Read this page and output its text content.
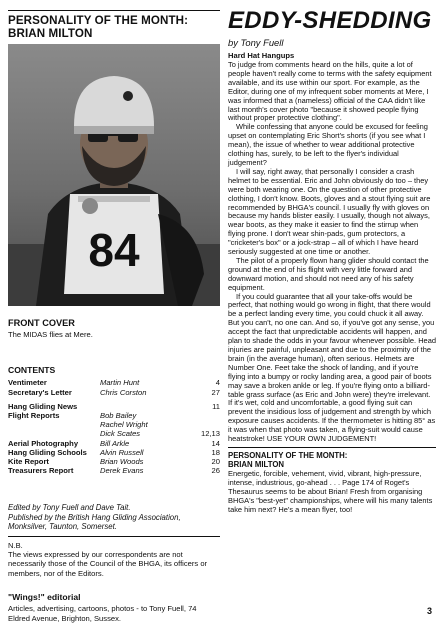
PERSONALITY OF THE MONTH:
BRIAN MILTON
84
FRONT COVER
The MIDAS flies at Mere.
CONTENTS
Ventimeter	Martin Hunt	4
Secretary's Letter	Chris Corston	27

Hang Gliding News		11
Flight Reports	Bob Bailey	
	Rachel Wright	
	Dick Scates	12,13
Aerial Photography	Bill Arkle	14
Hang Gliding Schools	Alvin Russell	18
Kite Report	Brian Woods	20
Treasurers Report	Derek Evans	26
Edited by Tony Fuell and Dave Tait.
Published by the British Hang Gliding Association,
Monksilver, Taunton, Somerset.
N.B.
The views expressed by our correspondents are not necessarily those of the Council of the BHGA, its officers or members, nor of the Editors.
"Wings!" editorial
Articles, advertising, cartoons, photos - to Tony Fuell, 74 Eldred Avenue, Brighton, Sussex.
EDDY-SHEDDING
by Tony Fuell
Hard Hat Hangups

To judge from comments heard on the hills, quite a lot of people haven't really come to terms with the safety equipment available, and its use within our sport. For example, as the Editor, during one of my infrequent sober moments at Mere, I was informed that a (nameless) official of the CAA didn't like last month's cover photo "because it showed people flying without proper protective clothing".

While confessing that anyone could be excused for feeling upset on contemplating Eric Short's shorts (if you see what I mean), the issue of whether to wear additional protective clothing has, surely, to be left to the flyer's individual judgement?

I will say, right away, that personally I consider a crash helmet to be essential. Eric and John obviously do too – they were both wearing one. On the question of other protective clothing, I don't know. Boots, gloves and a stout flying suit are recommended by BHGA's council. I usually fly with gloves on because my hands blister easily. I usually, though not always, wear boots, as they make it easier to find the stirrup when flying prone. I don't wear shin-pads, gum protectors, a "cricketer's box" or a jock-strap – all of which I have heard seriously suggested at one time or another.

The pilot of a properly flown hang glider should contact the ground at the end of his flight with very little forward and downward motion, and should not need any of his safety equipment.

If you could guarantee that all your take-offs would be perfect, that nothing would go wrong in flight, that there would be a perfect landing every time, you could chuck it all away. But you can't, no one can. And so, if you've got any sense, you accept the fact that unpredictable accidents will happen, and plan to shade the odds in your favour whenever possible. Head injuries are painful, unpleasant and due to the proximity of the brain (in the average human), often serious. Helmets are Number One. Feet take the shock of landing, and if you're flying into a bumpy or rocky landing area, a good pair of boots may save a broken ankle or leg. If you're flying onto a billiard-table grass surface (as Eric and John were) they're irrelevant. If it's wet, cold and uncomfortable, a good flying suit can prevent the insidious loss of judgement and strength by which exposure causes accidents. If the thermometer is hitting 85° as it was when that photo was taken, a flying-suit would cause heatstroke! USE YOUR OWN JUDGEMENT!

PERSONALITY OF THE MONTH:
BRIAN MILTON
Energetic, forcible, vehement, vivid, vibrant, high-pressure, intense, industrious, go-ahead . . . Page 174 of Roget's Thesaurus seems to be about Brian! Fresh from organising BHGA's "best-yet" championships, where will his many talents take him next? He's a mean flyer, too!
3
